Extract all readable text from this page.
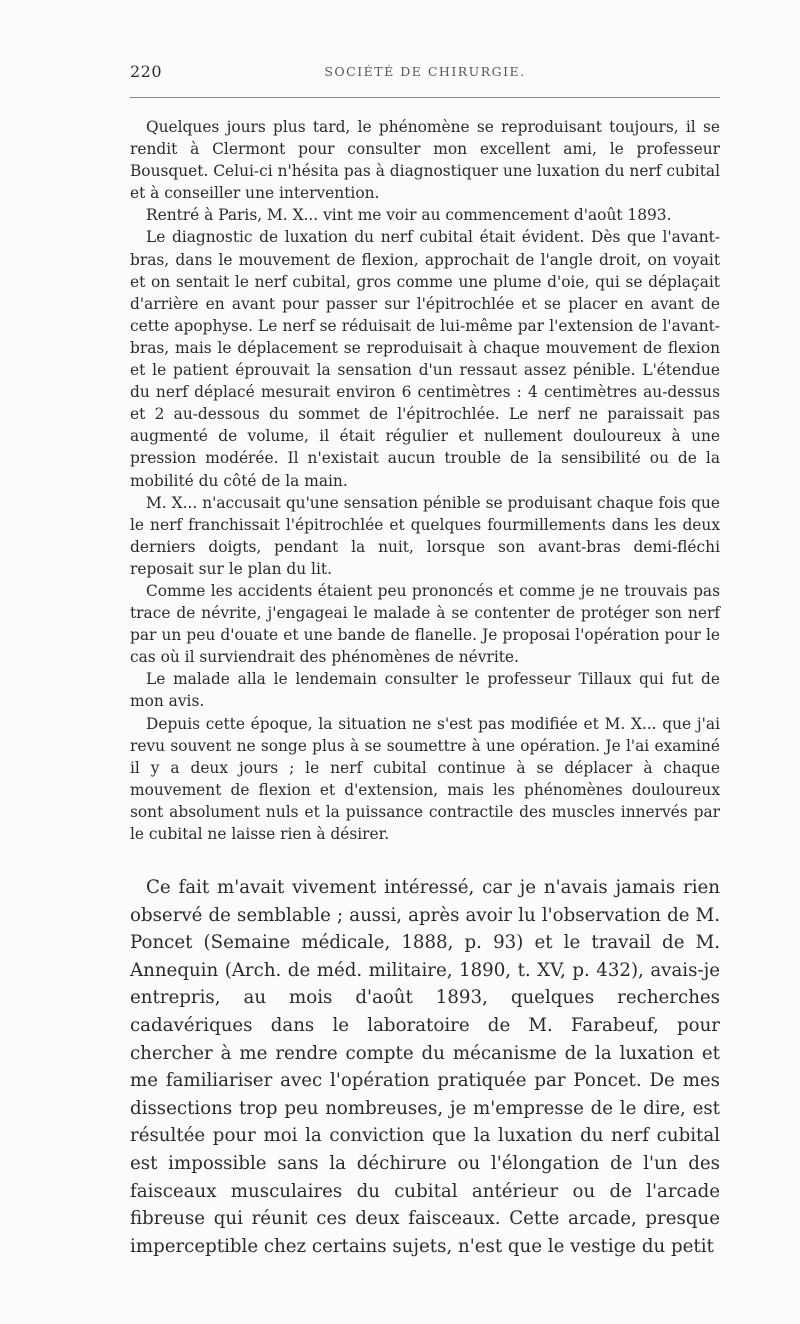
220	SOCIÉTÉ DE CHIRURGIE.

Quelques jours plus tard, le phénomène se reproduisant toujours, il se rendit à Clermont pour consulter mon excellent ami, le professeur Bousquet. Celui-ci n'hésita pas à diagnostiquer une luxation du nerf cubital et à conseiller une intervention.

Rentré à Paris, M. X... vint me voir au commencement d'août 1893.

Le diagnostic de luxation du nerf cubital était évident. Dès que l'avant-bras, dans le mouvement de flexion, approchait de l'angle droit, on voyait et on sentait le nerf cubital, gros comme une plume d'oie, qui se déplaçait d'arrière en avant pour passer sur l'épitrochlée et se placer en avant de cette apophyse. Le nerf se réduisait de lui-même par l'extension de l'avant-bras, mais le déplacement se reproduisait à chaque mouvement de flexion et le patient éprouvait la sensation d'un ressaut assez pénible. L'étendue du nerf déplacé mesurait environ 6 centimètres : 4 centimètres au-dessus et 2 au-dessous du sommet de l'épitrochlée. Le nerf ne paraissait pas augmenté de volume, il était régulier et nullement douloureux à une pression modérée. Il n'existait aucun trouble de la sensibilité ou de la mobilité du côté de la main.

M. X... n'accusait qu'une sensation pénible se produisant chaque fois que le nerf franchissait l'épitrochlée et quelques fourmillements dans les deux derniers doigts, pendant la nuit, lorsque son avant-bras demi-fléchi reposait sur le plan du lit.

Comme les accidents étaient peu prononcés et comme je ne trouvais pas trace de névrite, j'engageai le malade à se contenter de protéger son nerf par un peu d'ouate et une bande de flanelle. Je proposai l'opération pour le cas où il surviendrait des phénomènes de névrite.

Le malade alla le lendemain consulter le professeur Tillaux qui fut de mon avis.

Depuis cette époque, la situation ne s'est pas modifiée et M. X... que j'ai revu souvent ne songe plus à se soumettre à une opération. Je l'ai examiné il y a deux jours ; le nerf cubital continue à se déplacer à chaque mouvement de flexion et d'extension, mais les phénomènes douloureux sont absolument nuls et la puissance contractile des muscles innervés par le cubital ne laisse rien à désirer.

Ce fait m'avait vivement intéressé, car je n'avais jamais rien observé de semblable ; aussi, après avoir lu l'observation de M. Poncet (Semaine médicale, 1888, p. 93) et le travail de M. Annequin (Arch. de méd. militaire, 1890, t. XV, p. 432), avais-je entrepris, au mois d'août 1893, quelques recherches cadavériques dans le laboratoire de M. Farabeuf, pour chercher à me rendre compte du mécanisme de la luxation et me familiariser avec l'opération pratiquée par Poncet. De mes dissections trop peu nombreuses, je m'empresse de le dire, est résultée pour moi la conviction que la luxation du nerf cubital est impossible sans la déchirure ou l'élongation de l'un des faisceaux musculaires du cubital antérieur ou de l'arcade fibreuse qui réunit ces deux faisceaux. Cette arcade, presque imperceptible chez certains sujets, n'est que le vestige du petit
